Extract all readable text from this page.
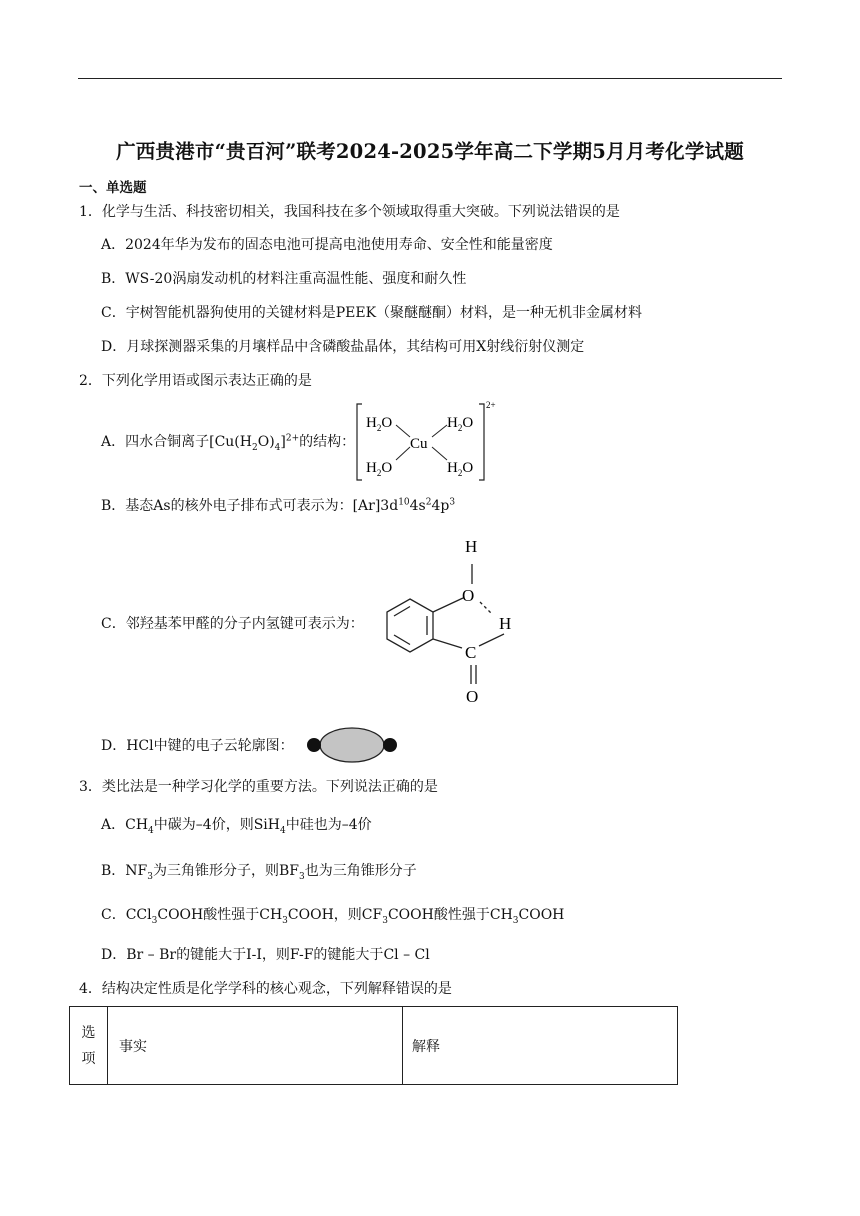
广西贵港市“贵百河”联考2024-2025学年高二下学期5月月考化学试题
一、单选题
1．化学与生活、科技密切相关，我国科技在多个领域取得重大突破。下列说法错误的是
A．2024年华为发布的固态电池可提高电池使用寿命、安全性和能量密度
B．WS-20涡扇发动机的材料注重高温性能、强度和耐久性
C．宇树智能机器狗使用的关键材料是PEEK（聚醚醚酮）材料，是一种无机非金属材料
D．月球探测器采集的月壤样品中含磷酸盐晶体，其结构可用X射线衍射仪测定
2．下列化学用语或图示表达正确的是
A．四水合铜离子$[Cu(H_2O)_4]^{2+}$的结构：
$H_2O$	$H_2O$
$H_2O$	$H_2O$
Cu
2+
B．基态As的核外电子排布式可表示为：$[Ar]3d^{10}4s^24p^3$
C．邻羟基苯甲醛的分子内氢键可表示为：
O
H
H
C
O
D．HCl中键的电子云轮廓图：
3．类比法是一种学习化学的重要方法。下列说法正确的是
A．$CH_4$中碳为–4价，则SiH$_4$中硅也为–4价
B．$NF_3$为三角锥形分子，则$BF_3$也为三角锥形分子
C．CCl$_3$COOH酸性强于$CH_3COOH$，则$CF_3COOH$酸性强于$CH_3COOH$
D．Br – Br的键能大于I-I，则F-F的键能大于Cl – Cl
4．结构决定性质是化学学科的核心观念，下列解释错误的是
选
项
	事实	解释
